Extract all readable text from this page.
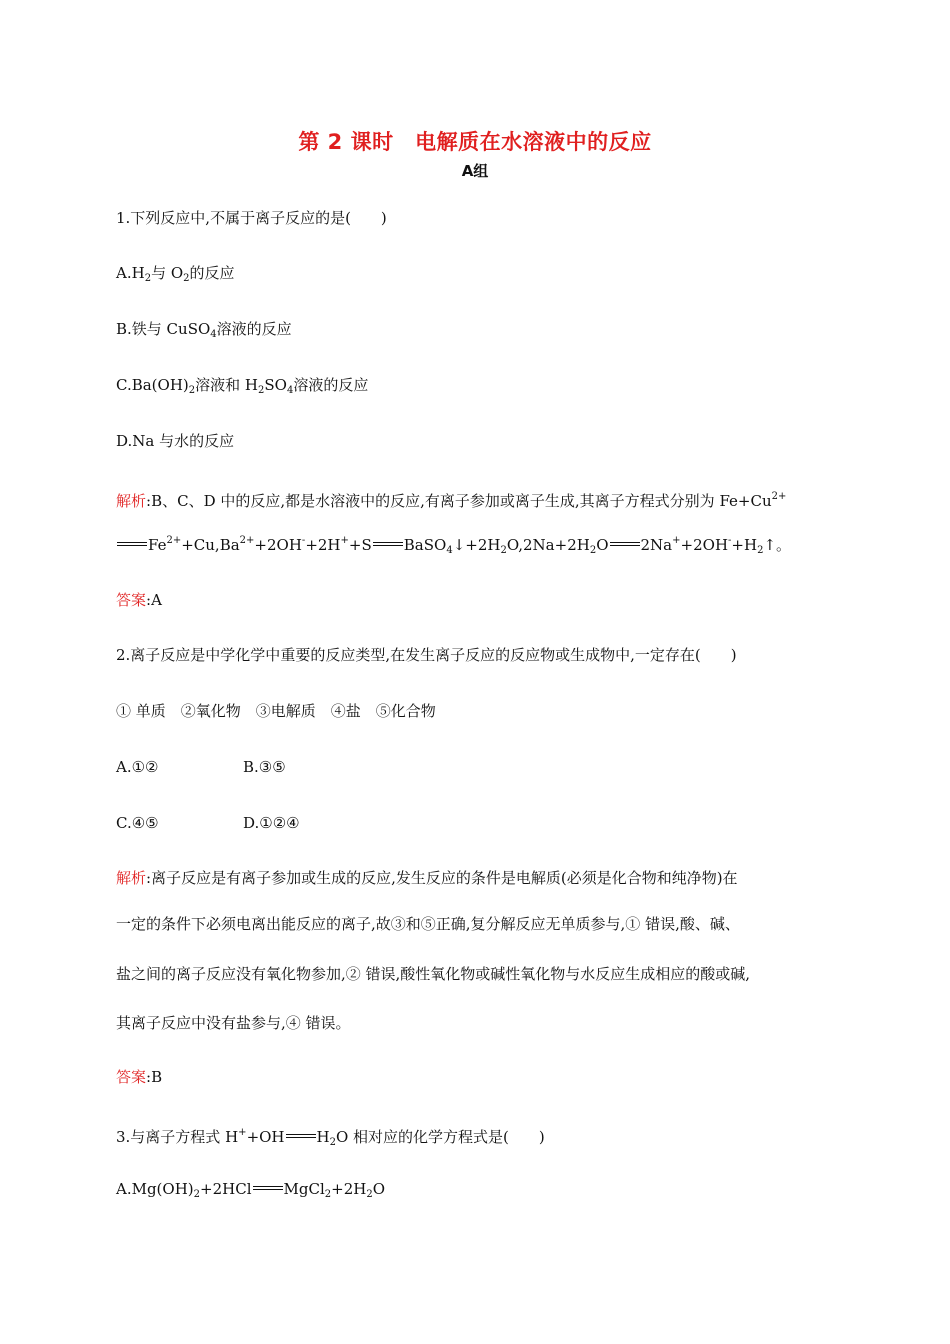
第 2 课时　电解质在水溶液中的反应
A组
1.下列反应中,不属于离子反应的是(　　)
$A.H_2$与 $O_2$的反应
B.铁与 CuSO$_4$溶液的反应
$C.Ba(OH)_2$溶液和 $H_2SO_4$溶液的反应
D.Na 与水的反应
解析:B、C、D 中的反应,都是水溶液中的反应,有离子参加或离子生成,其离子方程式分别为 $Fe+Cu^{2+}$
$Fe^{2+}+Cu,Ba^{2+}+2OH^-+2H^++S$ $BaSO_4↓+2H_2O,2Na+2H_2O$ $2Na^++2OH^-+H_2↑$。
答案:A
2.离子反应是中学化学中重要的反应类型,在发生离子反应的反应物或生成物中,一定存在(　　)
① 单质　②氧化物　③电解质　④盐　⑤化合物
A.①②	B.③⑤
C.④⑤	D.①②④
解析:离子反应是有离子参加或生成的反应,发生反应的条件是电解质(必须是化合物和纯净物)在
一定的条件下必须电离出能反应的离子,故③和⑤正确,复分解反应无单质参与,① 错误,酸、碱、
盐之间的离子反应没有氧化物参加,② 错误,酸性氧化物或碱性氧化物与水反应生成相应的酸或碱,
其离子反应中没有盐参与,④ 错误。
答案:B
3.与离子方程式 H++OH $H_2O$ 相对应的化学方程式是(　　)
$A.Mg(OH)_2+2HCl$ $MgCl_2+2H_2O$
